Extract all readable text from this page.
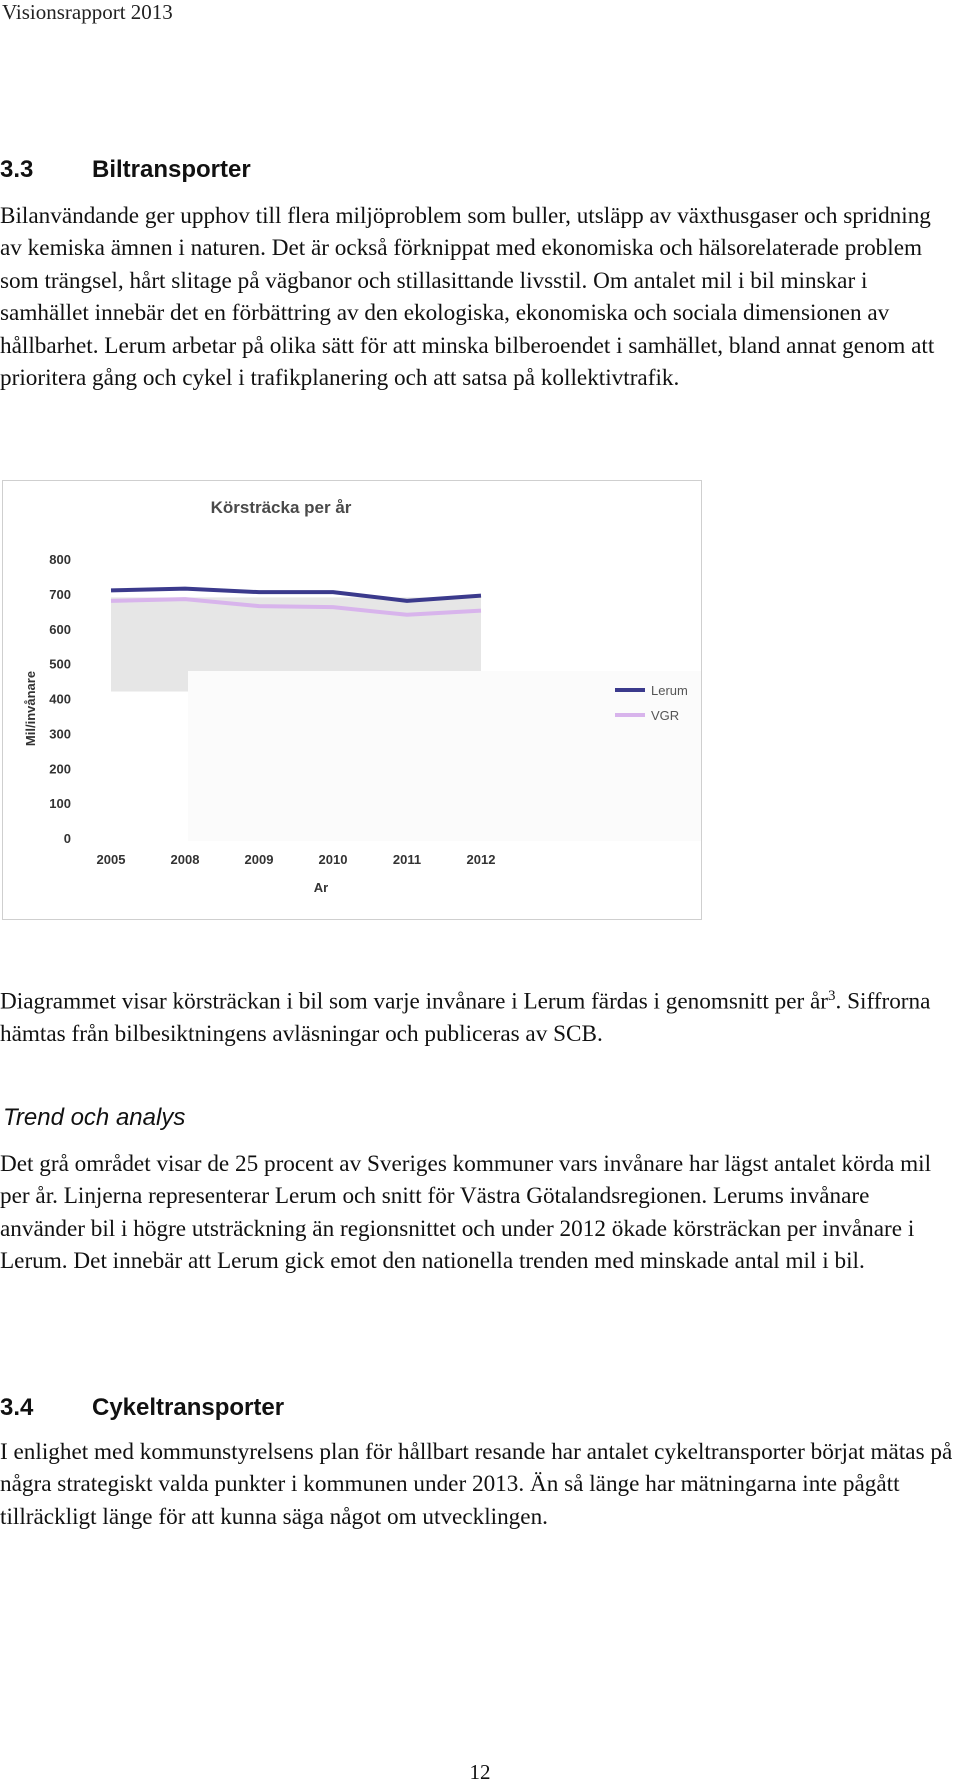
Visionsrapport 2013
3.3 Biltransporter

Bilanvändande ger upphov till flera miljöproblem som buller, utsläpp av växthusgaser och spridning av kemiska ämnen i naturen. Det är också förknippat med ekonomiska och hälsorelaterade problem som trängsel, hårt slitage på vägbanor och stillasittande livsstil. Om antalet mil i bil minskar i samhället innebär det en förbättring av den ekologiska, ekonomiska och sociala dimensionen av hållbarhet. Lerum arbetar på olika sätt för att minska bilberoendet i samhället, bland annat genom att prioritera gång och cykel i trafikplanering och att satsa på kollektivtrafik.

Körsträcka per år
0
100
200
300
400
500
600
700
800
2005	2008	2009	2010	2011	2012
Ar
Mil/invånare	Lerum
VGR

Diagrammet visar körsträckan i bil som varje invånare i Lerum färdas i genomsnitt per $år^3$. Siffrorna hämtas från bilbesiktningens avläsningar och publiceras av SCB.

Trend och analys

Det grå området visar de 25 procent av Sveriges kommuner vars invånare har lägst antalet körda mil per år. Linjerna representerar Lerum och snitt för Västra Götalandsregionen. Lerums invånare använder bil i högre utsträckning än regionsnittet och under 2012 ökade körsträckan per invånare i Lerum. Det innebär att Lerum gick emot den nationella trenden med minskade antal mil i bil.

3.4 Cykeltransporter

I enlighet med kommunstyrelsens plan för hållbart resande har antalet cykeltransporter börjat mätas på några strategiskt valda punkter i kommunen under 2013. Än så länge har mätningarna inte pågått tillräckligt länge för att kunna säga något om utvecklingen.

12
